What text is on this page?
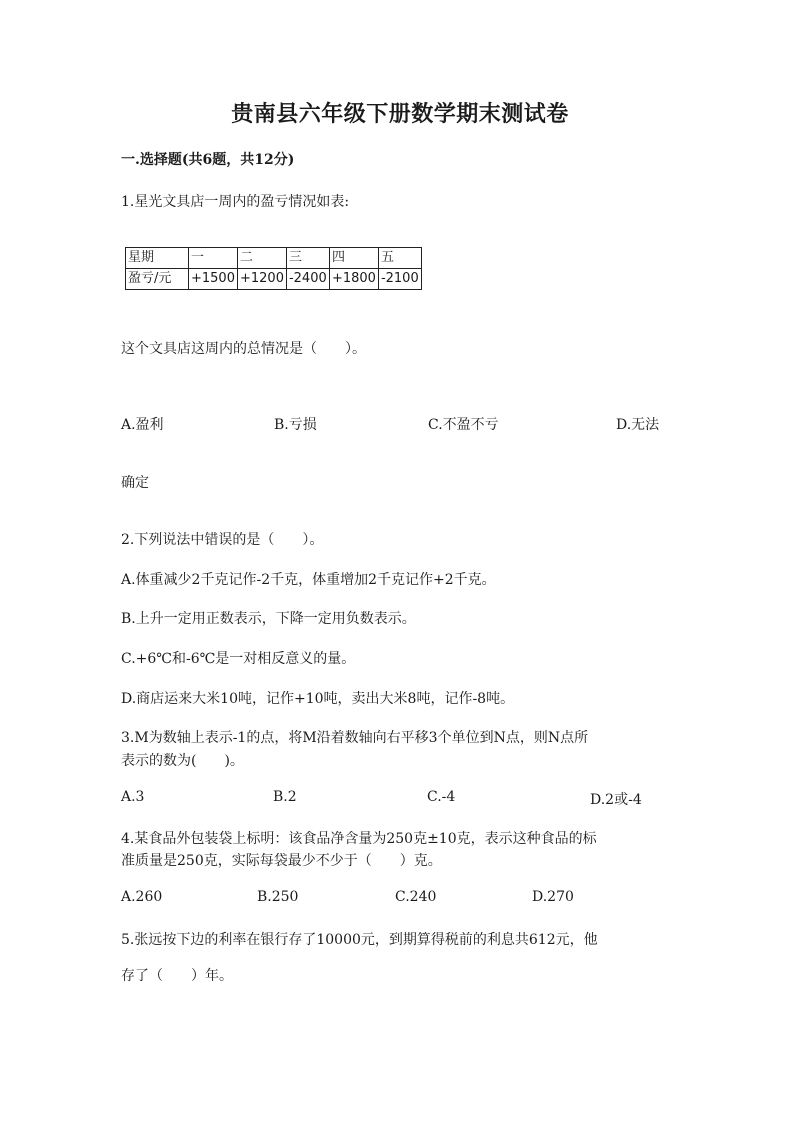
贵南县六年级下册数学期末测试卷
一.选择题(共6题，共12分)
1.星光文具店一周内的盈亏情况如表:
星期	一	二	三	四	五
盈亏/元	+1500	+1200	-2400	+1800	-2100
这个文具店这周内的总情况是（　　）。
A.盈利	B.亏损	C.不盈不亏	D.无法
确定
2.下列说法中错误的是（　　）。
A.体重减少2千克记作-2千克，体重增加2千克记作+2千克。
B.上升一定用正数表示，下降一定用负数表示。
C.+6℃和-6℃是一对相反意义的量。
D.商店运来大米10吨，记作+10吨，卖出大米8吨，记作-8吨。
3.M为数轴上表示-1的点，将M沿着数轴向右平移3个单位到N点，则N点所
表示的数为(　　)。
A.3	B.2	C.-4	D.2或-4
4.某食品外包装袋上标明：该食品净含量为250克±10克，表示这种食品的标
准质量是250克，实际每袋最少不少于（　　）克。
A.260	B.250	C.240	D.270
5.张远按下边的利率在银行存了10000元，到期算得税前的利息共612元，他
存了（　　）年。
